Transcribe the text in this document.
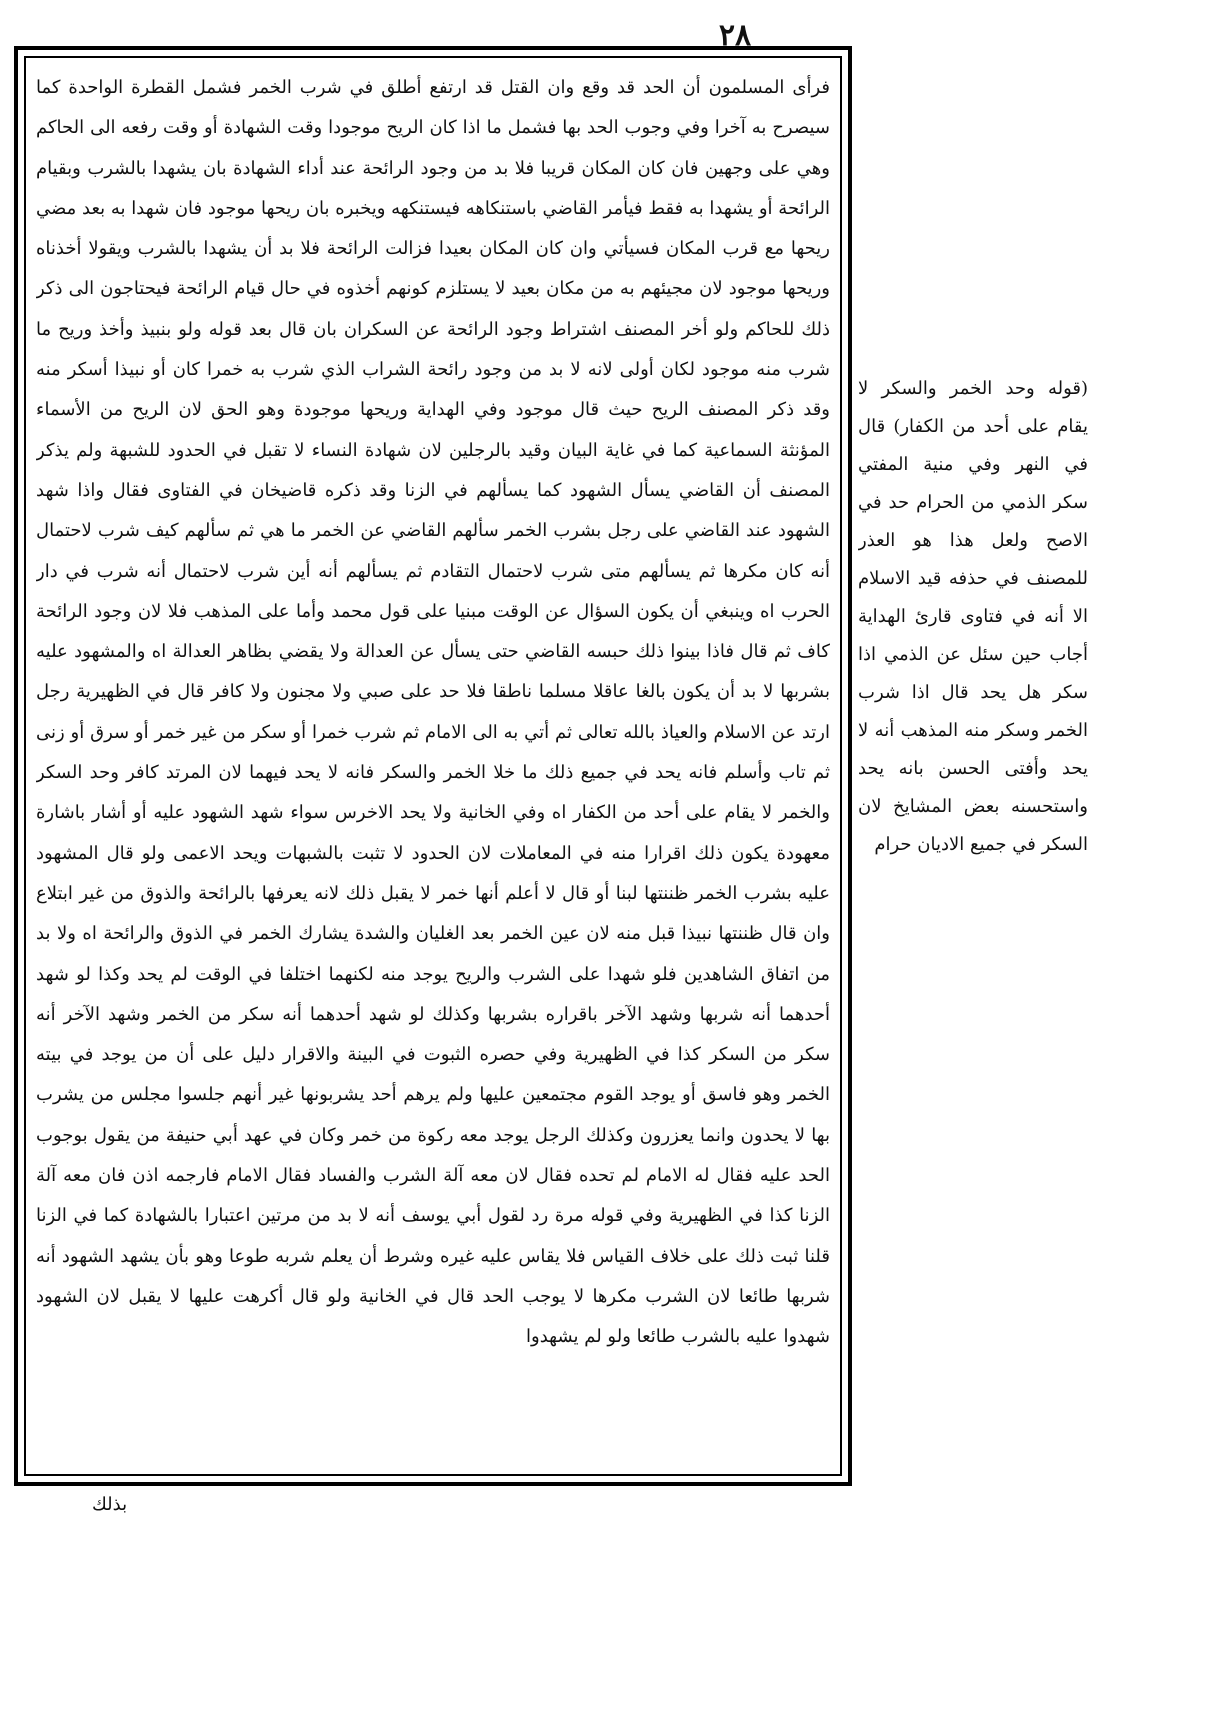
٢٨

فرأى المسلمون أن الحد قد وقع وان القتل قد ارتفع أطلق في شرب الخمر فشمل القطرة الواحدة كما سيصرح به آخرا وفي وجوب الحد بها فشمل ما اذا كان الريح موجودا وقت الشهادة أو وقت رفعه الى الحاكم وهي على وجهين فان كان المكان قريبا فلا بد من وجود الرائحة عند أداء الشهادة بان يشهدا بالشرب وبقيام الرائحة أو يشهدا به فقط فيأمر القاضي باستنكاهه فيستنكهه ويخبره بان ريحها موجود فان شهدا به بعد مضي ريحها مع قرب المكان فسيأتي وان كان المكان بعيدا فزالت الرائحة فلا بد أن يشهدا بالشرب ويقولا أخذناه وريحها موجود لان مجيئهم به من مكان بعيد لا يستلزم كونهم أخذوه في حال قيام الرائحة فيحتاجون الى ذكر ذلك للحاكم ولو أخر المصنف اشتراط وجود الرائحة عن السكران بان قال بعد قوله ولو بنبيذ وأخذ وريح ما شرب منه موجود لكان أولى لانه لا بد من وجود رائحة الشراب الذي شرب به خمرا كان أو نبيذا أسكر منه وقد ذكر المصنف الريح حيث قال موجود وفي الهداية وريحها موجودة وهو الحق لان الريح من الأسماء المؤنثة السماعية كما في غاية البيان وقيد بالرجلين لان شهادة النساء لا تقبل في الحدود للشبهة ولم يذكر المصنف أن القاضي يسأل الشهود كما يسألهم في الزنا وقد ذكره قاضيخان في الفتاوى فقال واذا شهد الشهود عند القاضي على رجل بشرب الخمر سألهم القاضي عن الخمر ما هي ثم سألهم كيف شرب لاحتمال أنه كان مكرها ثم يسألهم متى شرب لاحتمال التقادم ثم يسألهم أنه أين شرب لاحتمال أنه شرب في دار الحرب اه وينبغي أن يكون السؤال عن الوقت مبنيا على قول محمد وأما على المذهب فلا لان وجود الرائحة كاف ثم قال فاذا بينوا ذلك حبسه القاضي حتى يسأل عن العدالة ولا يقضي بظاهر العدالة اه والمشهود عليه بشربها لا بد أن يكون بالغا عاقلا مسلما ناطقا فلا حد على صبي ولا مجنون ولا كافر قال في الظهيرية رجل ارتد عن الاسلام والعياذ بالله تعالى ثم أتي به الى الامام ثم شرب خمرا أو سكر من غير خمر أو سرق أو زنى ثم تاب وأسلم فانه يحد في جميع ذلك ما خلا الخمر والسكر فانه لا يحد فيهما لان المرتد كافر وحد السكر والخمر لا يقام على أحد من الكفار اه وفي الخانية ولا يحد الاخرس سواء شهد الشهود عليه أو أشار باشارة معهودة يكون ذلك اقرارا منه في المعاملات لان الحدود لا تثبت بالشبهات ويحد الاعمى ولو قال المشهود عليه بشرب الخمر ظننتها لبنا أو قال لا أعلم أنها خمر لا يقبل ذلك لانه يعرفها بالرائحة والذوق من غير ابتلاع وان قال ظننتها نبيذا قبل منه لان عين الخمر بعد الغليان والشدة يشارك الخمر في الذوق والرائحة اه ولا بد من اتفاق الشاهدين فلو شهدا على الشرب والريح يوجد منه لكنهما اختلفا في الوقت لم يحد وكذا لو شهد أحدهما أنه شربها وشهد الآخر باقراره بشربها وكذلك لو شهد أحدهما أنه سكر من الخمر وشهد الآخر أنه سكر من السكر كذا في الظهيرية وفي حصره الثبوت في البينة والاقرار دليل على أن من يوجد في بيته الخمر وهو فاسق أو يوجد القوم مجتمعين عليها ولم يرهم أحد يشربونها غير أنهم جلسوا مجلس من يشرب بها لا يحدون وانما يعزرون وكذلك الرجل يوجد معه ركوة من خمر وكان في عهد أبي حنيفة من يقول بوجوب الحد عليه فقال له الامام لم تحده فقال لان معه آلة الشرب والفساد فقال الامام فارجمه اذن فان معه آلة الزنا كذا في الظهيرية وفي قوله مرة رد لقول أبي يوسف أنه لا بد من مرتين اعتبارا بالشهادة كما في الزنا قلنا ثبت ذلك على خلاف القياس فلا يقاس عليه غيره وشرط أن يعلم شربه طوعا وهو بأن يشهد الشهود أنه شربها طائعا لان الشرب مكرها لا يوجب الحد قال في الخانية ولو قال أكرهت عليها لا يقبل لان الشهود شهدوا عليه بالشرب طائعا ولو لم يشهدوا

(قوله وحد الخمر والسكر لا يقام على أحد من الكفار) قال في النهر وفي منية المفتي سكر الذمي من الحرام حد في الاصح ولعل هذا هو العذر للمصنف في حذفه قيد الاسلام الا أنه في فتاوى قارئ الهداية أجاب حين سئل عن الذمي اذا سكر هل يحد قال اذا شرب الخمر وسكر منه المذهب أنه لا يحد وأفتى الحسن بانه يحد واستحسنه بعض المشايخ لان السكر في جميع الاديان حرام

بذلك
